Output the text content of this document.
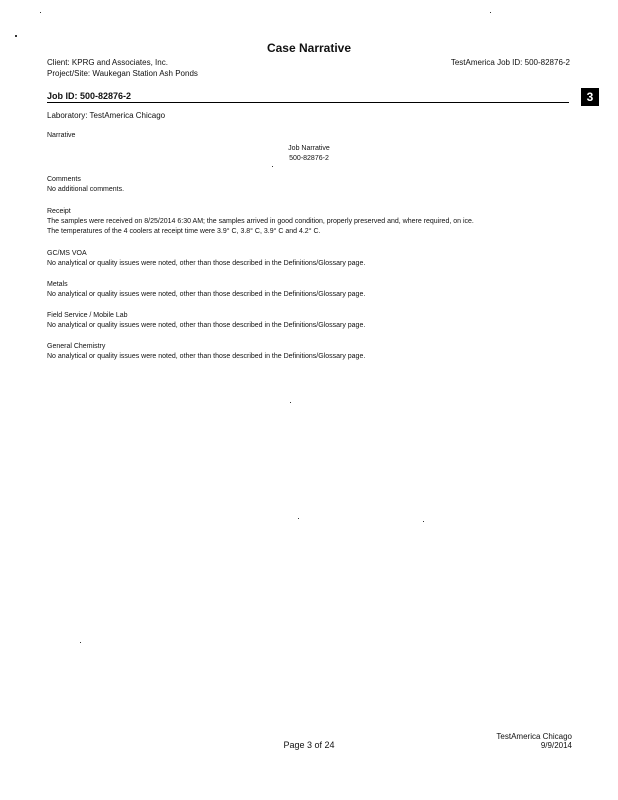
Case Narrative
Client: KPRG and Associates, Inc.
Project/Site: Waukegan Station Ash Ponds
TestAmerica Job ID: 500-82876-2
Job ID: 500-82876-2	3
Laboratory: TestAmerica Chicago
Narrative
Job Narrative
500-82876-2
Comments
No additional comments.
Receipt
The samples were received on 8/25/2014 6:30 AM; the samples arrived in good condition, properly preserved and, where required, on ice.
The temperatures of the 4 coolers at receipt time were 3.9° C, 3.8° C, 3.9° C and 4.2° C.
GC/MS VOA
No analytical or quality issues were noted, other than those described in the Definitions/Glossary page.
Metals
No analytical or quality issues were noted, other than those described in the Definitions/Glossary page.
Field Service / Mobile Lab
No analytical or quality issues were noted, other than those described in the Definitions/Glossary page.
General Chemistry
No analytical or quality issues were noted, other than those described in the Definitions/Glossary page.
Page 3 of 24
TestAmerica Chicago
9/9/2014
